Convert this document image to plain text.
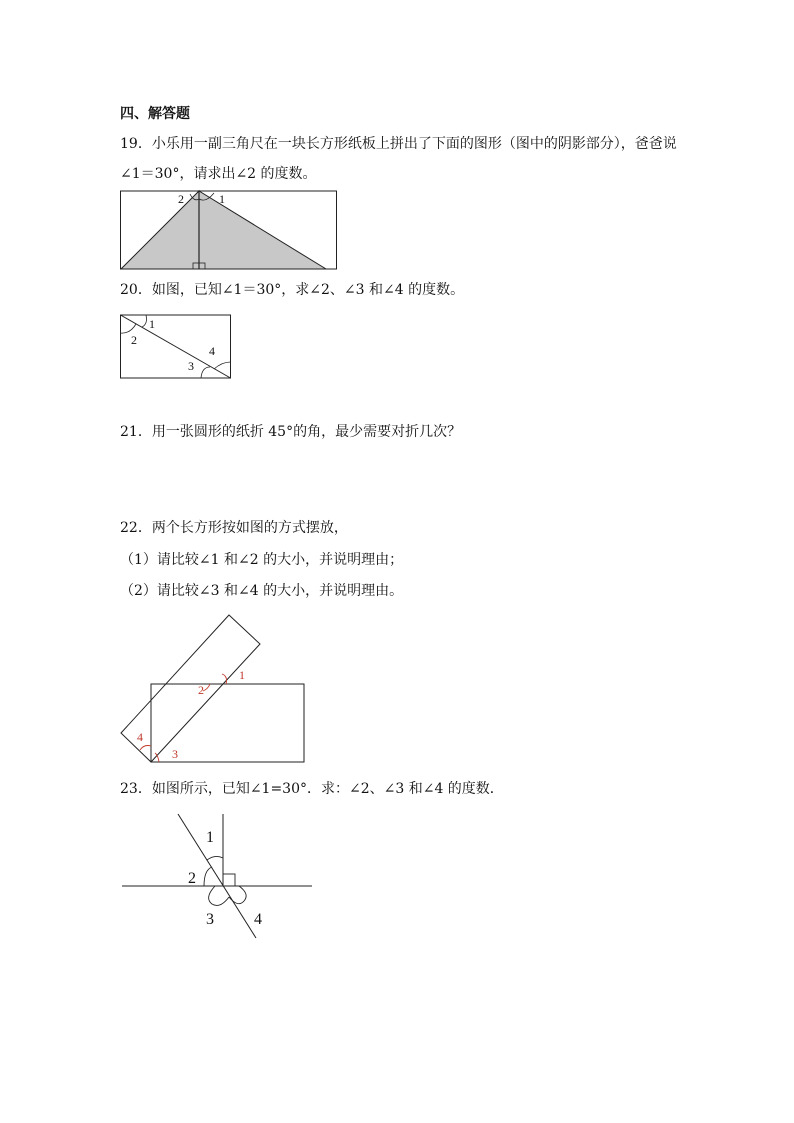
四、解答题
19．小乐用一副三角尺在一块长方形纸板上拼出了下面的图形（图中的阴影部分），爸爸说
∠1＝30°，请求出∠2 的度数。
2	1
20．如图，已知∠1＝30°，求∠2、∠3 和∠4 的度数。
1
2
4
3
21．用一张圆形的纸折 45°的角，最少需要对折几次？
22．两个长方形按如图的方式摆放，
（1）请比较∠1 和∠2 的大小，并说明理由；
（2）请比较∠3 和∠4 的大小，并说明理由。
1
2
4
3
23．如图所示，已知∠1=30°．求：∠2、∠3 和∠4 的度数．
1
2
3	4
